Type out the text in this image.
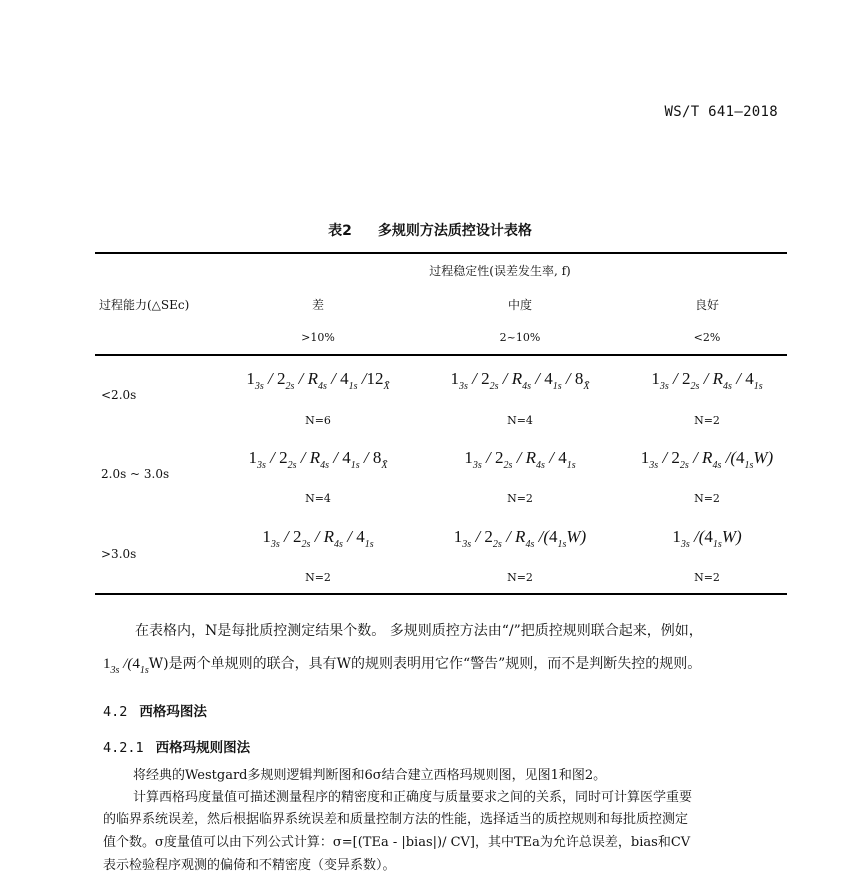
WS/T 641—2018
表2 多规则方法质控设计表格
过程稳定性(误差发生率, f)
过程能力(△SEc)	差	中度	良好
>10%	2~10%	<2%
<2.0s
$1_{3s} / 2_{2s} / R_{4s} / 4_{1s}$ $/12_{X̄}$	$1_{3s} / 2_{2s} / R_{4s} / 4_{1s} / 8_{X̄}$	$1_{3s} / 2_{2s} / R_{4s} / 4_{1s}$
N=6	N=4	N=2
2.0s ~ 3.0s
$1_{3s} / 2_{2s} / R_{4s} / 4_{1s} / 8_{X̄}$	$1_{3s} / 2_{2s} / R_{4s} / 4_{1s}$	$1_{3s} / 2_{2s} / R_{4s}$ $/(4_{1s}W)$
N=4	N=2	N=2
>3.0s
$1_{3s} / 2_{2s} / R_{4s} / 4_{1s}$	$1_{3s} / 2_{2s} / R_{4s}$ $/(4_{1s}W)$	$1_{3s}$ $/(4_{1s}W)$
N=2	N=2	N=2
在表格内，N是每批质控测定结果个数。 多规则质控方法由“/”把质控规则联合起来，例如，
$1_{3s}$ $/(4_{1s}W)$是两个单规则的联合，具有W的规则表明用它作“警告”规则，而不是判断失控的规则。
4.2 西格玛图法
4.2.1 西格玛规则图法
将经典的Westgard多规则逻辑判断图和6σ结合建立西格玛规则图，见图1和图2。
计算西格玛度量值可描述测量程序的精密度和正确度与质量要求之间的关系，同时可计算医学重要
的临界系统误差，然后根据临界系统误差和质量控制方法的性能，选择适当的质控规则和每批质控测定
值个数。σ度量值可以由下列公式计算：σ=[(TEa - |bias|)/ CV]，其中TEa为允许总误差，bias和CV
表示检验程序观测的偏倚和不精密度（变异系数）。
